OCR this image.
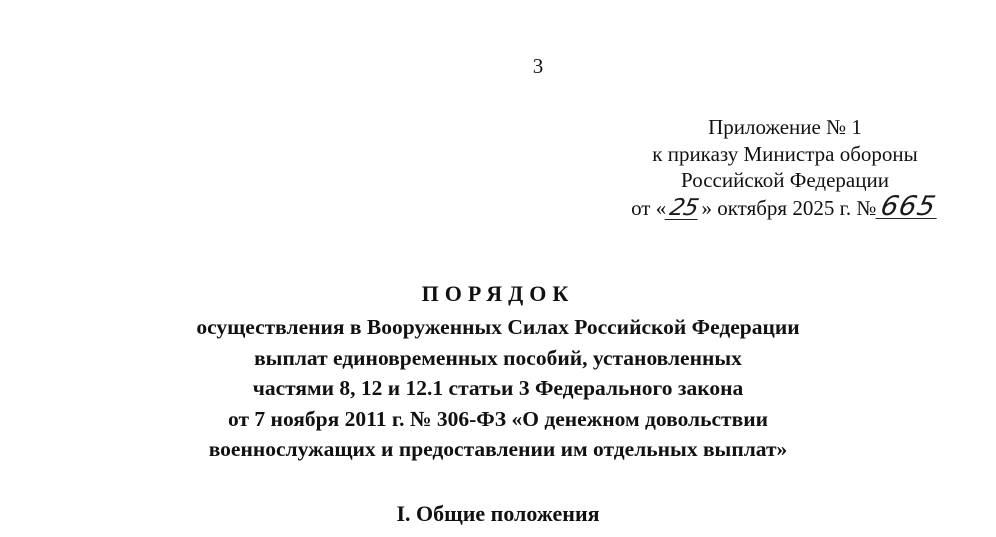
3
Приложение № 1
к приказу Министра обороны
Российской Федерации
от «25» октября 2025 г. №665
ПОРЯДОК
осуществления в Вооруженных Силах Российской Федерации
выплат единовременных пособий, установленных
частями 8, 12 и 12.1 статьи 3 Федерального закона
от 7 ноября 2011 г. № 306-ФЗ «О денежном довольствии
военнослужащих и предоставлении им отдельных выплат»
I. Общие положения
